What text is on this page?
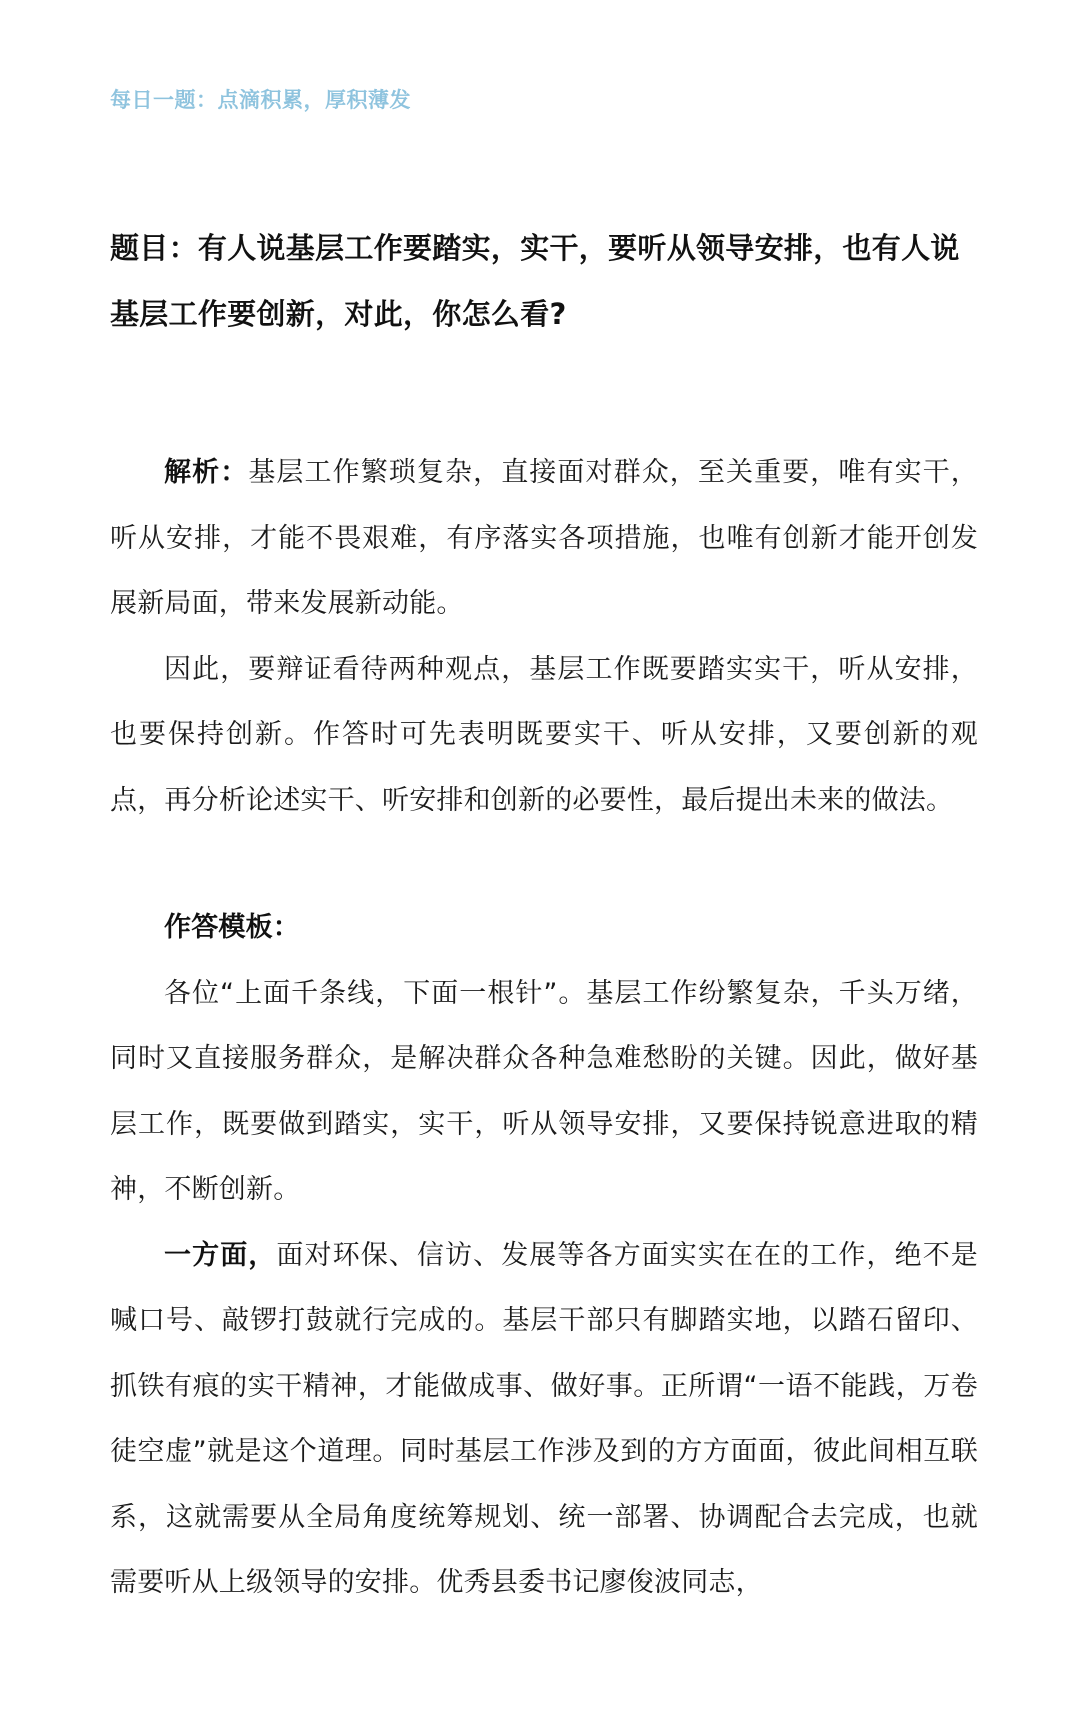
每日一题：点滴积累，厚积薄发
题目：有人说基层工作要踏实，实干，要听从领导安排，也有人说基层工作要创新，对此，你怎么看?

解析：基层工作繁琐复杂，直接面对群众，至关重要，唯有实干，听从安排，才能不畏艰难，有序落实各项措施，也唯有创新才能开创发展新局面，带来发展新动能。

因此，要辩证看待两种观点，基层工作既要踏实实干，听从安排，也要保持创新。作答时可先表明既要实干、听从安排，又要创新的观点，再分析论述实干、听安排和创新的必要性，最后提出未来的做法。

作答模板：

各位“上面千条线，下面一根针”。基层工作纷繁复杂，千头万绪，同时又直接服务群众，是解决群众各种急难愁盼的关键。因此，做好基层工作，既要做到踏实，实干，听从领导安排，又要保持锐意进取的精神，不断创新。

一方面，面对环保、信访、发展等各方面实实在在的工作，绝不是喊口号、敲锣打鼓就行完成的。基层干部只有脚踏实地，以踏石留印、抓铁有痕的实干精神，才能做成事、做好事。正所谓“一语不能践，万卷徒空虚”就是这个道理。同时基层工作涉及到的方方面面，彼此间相互联系，这就需要从全局角度统筹规划、统一部署、协调配合去完成，也就需要听从上级领导的安排。优秀县委书记廖俊波同志，
